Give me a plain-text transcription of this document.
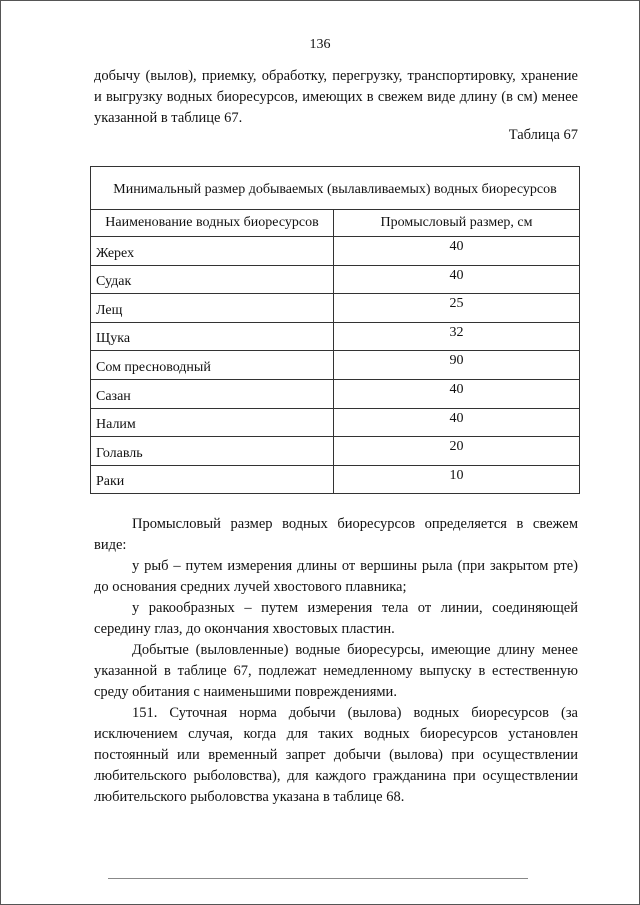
136

добычу (вылов), приемку, обработку, перегрузку, транспортировку, хранение и выгрузку водных биоресурсов, имеющих в свежем виде длину (в см) менее указанной в таблице 67.

Таблица 67
Минимальный размер добываемых (вылавливаемых) водных биоресурсов	
Наименование водных биоресурсов	Промысловый размер, см
Жерех	40
Судак	40
Лещ	25
Щука	32
Сом пресноводный	90
Сазан	40
Налим	40
Голавль	20
Раки	10

Промысловый размер водных биоресурсов определяется в свежем виде:

у рыб – путем измерения длины от вершины рыла (при закрытом рте) до основания средних лучей хвостового плавника;

у ракообразных – путем измерения тела от линии, соединяющей середину глаз, до окончания хвостовых пластин.

Добытые (выловленные) водные биоресурсы, имеющие длину менее указанной в таблице 67, подлежат немедленному выпуску в естественную среду обитания с наименьшими повреждениями.

151. Суточная норма добычи (вылова) водных биоресурсов (за исключением случая, когда для таких водных биоресурсов установлен постоянный или временный запрет добычи (вылова) при осуществлении любительского рыболовства), для каждого гражданина при осуществлении любительского рыболовства указана в таблице 68.
